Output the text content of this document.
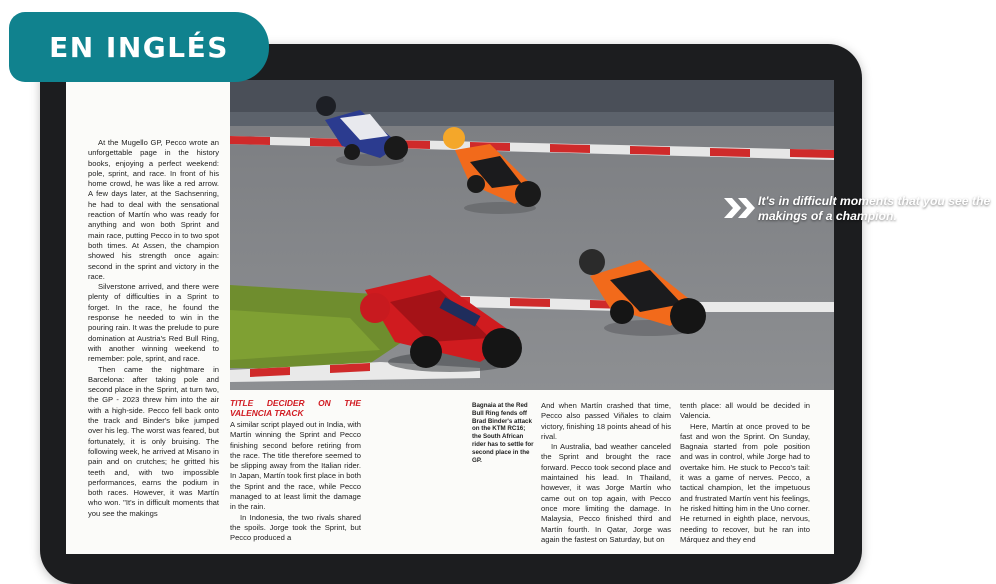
It's in difficult moments that you see the makings of a champion.

At the Mugello GP, Pecco wrote an unforgettable page in the history books, enjoying a perfect weekend: pole, sprint, and race. In front of his home crowd, he was like a red arrow. A few days later, at the Sachsenring, he had to deal with the sensational reaction of Martín who was ready for anything and won both Sprint and main race, putting Pecco in to two spot both times. At Assen, the champion showed his strength once again: second in the sprint and victory in the race.

Silverstone arrived, and there were plenty of difficulties in a Sprint to forget. In the race, he found the response he needed to win in the pouring rain. It was the prelude to pure domination at Austria's Red Bull Ring, with another winning weekend to remember: pole, sprint, and race.

Then came the nightmare in Barcelona: after taking pole and second place in the Sprint, at turn two, the GP - 2023 threw him into the air with a high-side. Pecco fell back onto the track and Binder's bike jumped over his leg. The worst was feared, but fortunately, it is only bruising. The following week, he arrived at Misano in pain and on crutches; he gritted his teeth and, with two impossible performances, earns the podium in both races. However, it was Martín who won. "It's in difficult moments that you see the makings

TITLE DECIDER ON THE VALENCIA TRACK

A similar script played out in India, with Martín winning the Sprint and Pecco finishing second before retiring from the race. The title therefore seemed to be slipping away from the Italian rider. In Japan, Martín took first place in both the Sprint and the race, while Pecco managed to at least limit the damage in the rain.

In Indonesia, the two rivals shared the spoils. Jorge took the Sprint, but Pecco produced a

Bagnaia at the Red Bull Ring fends off Brad Binder's attack on the KTM RC16; the South African rider has to settle for second place in the GP.

And when Martín crashed that time, Pecco also passed Viñales to claim victory, finishing 18 points ahead of his rival.

In Australia, bad weather canceled the Sprint and brought the race forward. Pecco took second place and maintained his lead. In Thailand, however, it was Jorge Martín who came out on top again, with Pecco once more limiting the damage. In Malaysia, Pecco finished third and Martín fourth. In Qatar, Jorge was again the fastest on Saturday, but on

tenth place: all would be decided in Valencia.

Here, Martín at once proved to be fast and won the Sprint. On Sunday, Bagnaia started from pole position and was in control, while Jorge had to overtake him. He stuck to Pecco's tail: it was a game of nerves. Pecco, a tactical champion, let the impetuous and frustrated Martín vent his feelings, he risked hitting him in the Uno corner. He returned in eighth place, nervous, needing to recover, but he ran into Márquez and they end

EN INGLÉS
